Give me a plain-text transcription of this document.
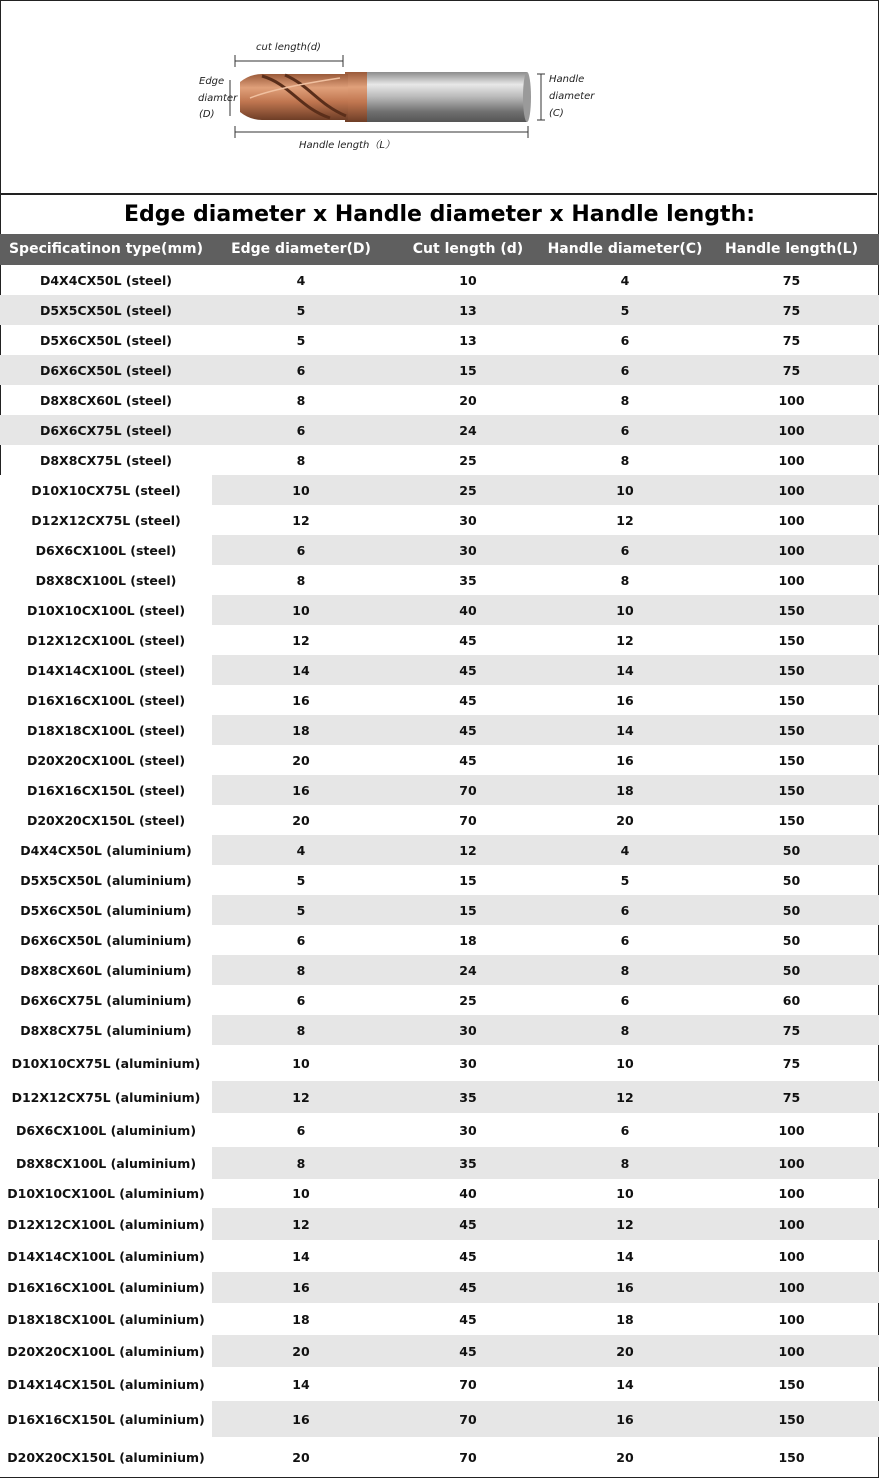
cut length(d)
Edge
diamter
(D)
Handle
diameter
(C)
Handle length（L）
Edge diameter x Handle diameter x Handle length:
Specificatinon type(mm)	Edge diameter(D)	Cut length (d)	Handle diameter(C)	Handle length(L)
D4X4CX50L (steel)	4	10	4	75
D5X5CX50L (steel)	5	13	5	75
D5X6CX50L (steel)	5	13	6	75
D6X6CX50L (steel)	6	15	6	75
D8X8CX60L (steel)	8	20	8	100
D6X6CX75L (steel)	6	24	6	100
D8X8CX75L (steel)	8	25	8	100
D10X10CX75L (steel)	10	25	10	100
D12X12CX75L (steel)	12	30	12	100
D6X6CX100L (steel)	6	30	6	100
D8X8CX100L (steel)	8	35	8	100
D10X10CX100L (steel)	10	40	10	150
D12X12CX100L (steel)	12	45	12	150
D14X14CX100L (steel)	14	45	14	150
D16X16CX100L (steel)	16	45	16	150
D18X18CX100L (steel)	18	45	14	150
D20X20CX100L (steel)	20	45	16	150
D16X16CX150L (steel)	16	70	18	150
D20X20CX150L (steel)	20	70	20	150
D4X4CX50L (aluminium)	4	12	4	50
D5X5CX50L (aluminium)	5	15	5	50
D5X6CX50L (aluminium)	5	15	6	50
D6X6CX50L (aluminium)	6	18	6	50
D8X8CX60L (aluminium)	8	24	8	50
D6X6CX75L (aluminium)	6	25	6	60
D8X8CX75L (aluminium)	8	30	8	75
D10X10CX75L (aluminium)	10	30	10	75
D12X12CX75L (aluminium)	12	35	12	75
D6X6CX100L (aluminium)	6	30	6	100
D8X8CX100L (aluminium)	8	35	8	100
D10X10CX100L (aluminium)	10	40	10	100
D12X12CX100L (aluminium)	12	45	12	100
D14X14CX100L (aluminium)	14	45	14	100
D16X16CX100L (aluminium)	16	45	16	100
D18X18CX100L (aluminium)	18	45	18	100
D20X20CX100L (aluminium)	20	45	20	100
D14X14CX150L (aluminium)	14	70	14	150
D16X16CX150L (aluminium)	16	70	16	150
D20X20CX150L (aluminium)	20	70	20	150
